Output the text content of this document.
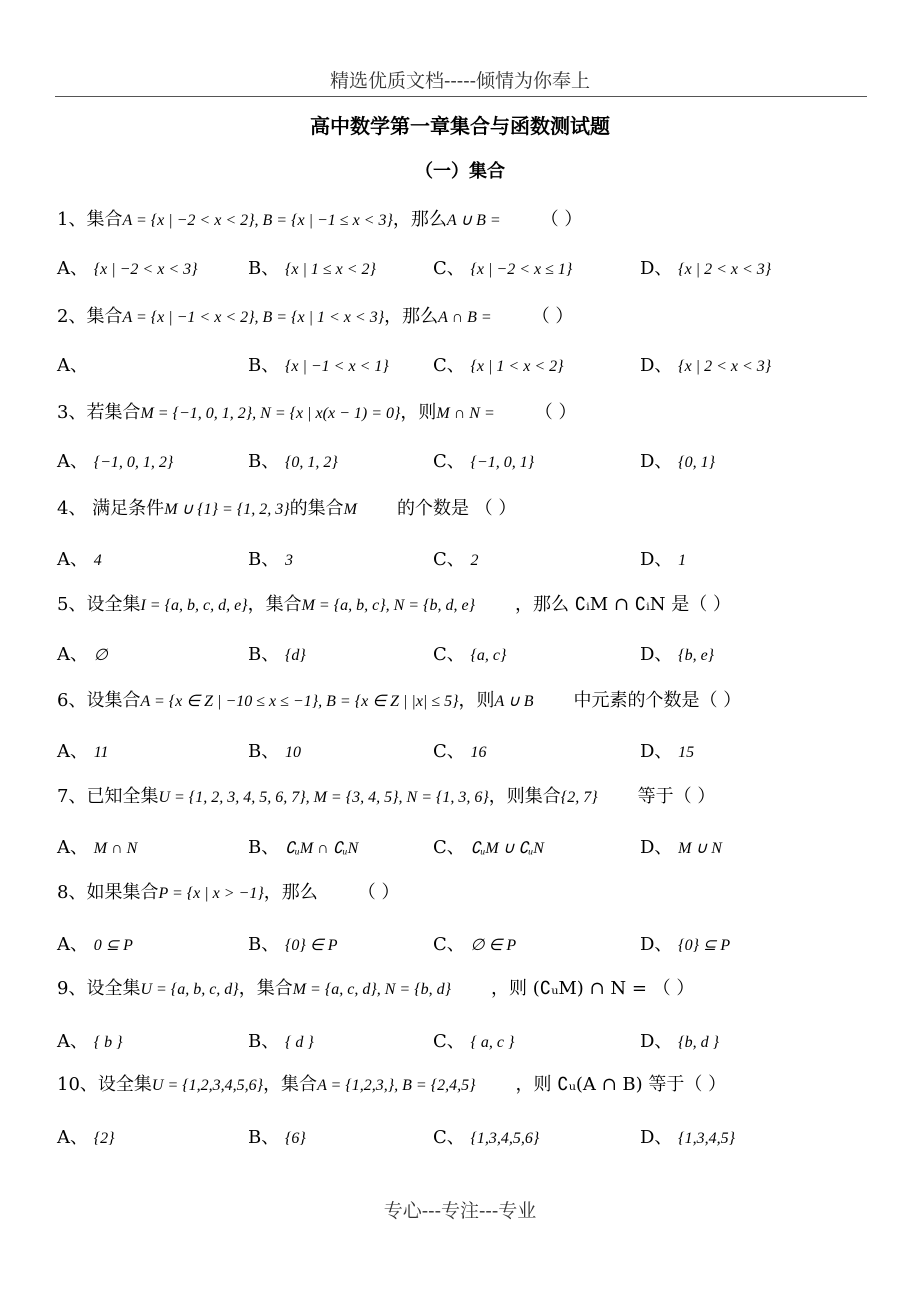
精选优质文档-----倾情为你奉上
高中数学第一章集合与函数测试题
（一）集合
1、集合A = {x | −2 < x < 2}, B = {x | −1 ≤ x < 3}，那么A ∪ B = （ ）
A、 {x | −2 < x < 3}	B、 {x | 1 ≤ x < 2}	C、 {x | −2 < x ≤ 1}	D、 {x | 2 < x < 3}
2、集合A = {x | −1 < x < 2}, B = {x | 1 < x < 3}，那么A ∩ B = （ ）
A、	B、 {x | −1 < x < 1} C、 {x | 1 < x < 2}	D、 {x | 2 < x < 3}
3、若集合M = {−1, 0, 1, 2}, N = {x | x(x − 1) = 0}，则M ∩ N = （ ）
A、 {−1, 0, 1, 2}	B、 {0, 1, 2}	C、 {−1, 0, 1}	D、 {0, 1}
4、 满足条件M ∪ {1} = {1, 2, 3}的集合M 的个数是 （ ）
A、 4	B、 3	C、 2	D、 1
5、设全集I = {a, b, c, d, e}，集合M = {a, b, c}, N = {b, d, e} ，那么 ∁ᵢM ∩ ∁ᵢN 是（ ）
A、 ∅	B、 {d}	C、 {a, c}	D、 {b, e}
6、设集合A = {x ∈ Z | −10 ≤ x ≤ −1}, B = {x ∈ Z | |x| ≤ 5}，则A ∪ B 中元素的个数是（ ）
A、 11	B、 10	C、 16	D、 15
7、已知全集U = {1, 2, 3, 4, 5, 6, 7}, M = {3, 4, 5}, N = {1, 3, 6}，则集合{2, 7} 等于（ ）
A、 M ∩ N	B、 ∁ᵤM ∩ ∁ᵤN	C、 ∁ᵤM ∪ ∁ᵤN	D、 M ∪ N
8、如果集合P = {x | x > −1}，那么 （ ）
A、 0 ⊆ P	B、 {0} ∈ P	C、 ∅ ∈ P	D、 {0} ⊆ P
9、设全集U = {a, b, c, d}，集合M = {a, c, d}, N = {b, d} ，则 (∁ᵤM) ∩ N = （ ）
A、 { b }	B、 { d }	C、 { a, c }	D、 {b, d }
10、设全集U = {1,2,3,4,5,6}，集合A = {1,2,3,}, B = {2,4,5} ，则 ∁ᵤ(A ∩ B) 等于（ ）
A、 {2}	B、 {6}	C、 {1,3,4,5,6}	D、 {1,3,4,5}
专心---专注---专业
